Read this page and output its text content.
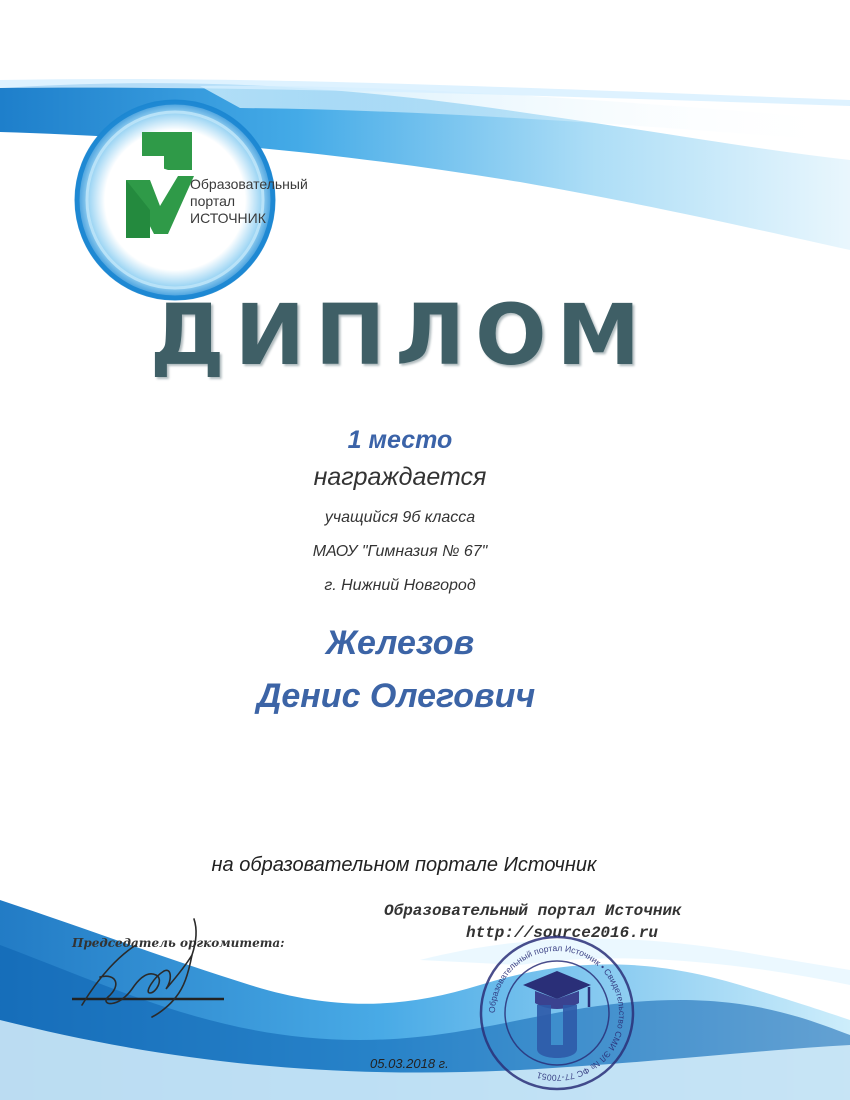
Образовательный
портал
ИСТОЧНИК
ДИПЛОМ
1 место
награждается
учащийся 9б класса
МАОУ "Гимназия № 67"
г. Нижний Новгород
Железов
Денис Олегович
на образовательном портале Источник
Образовательный портал Источник
http://source2016.ru
Председатель оргкомитета:
05.03.2018 г.
Образовательный портал Источник • Свидетельство СМИ ЭЛ № ФС 77-70051
